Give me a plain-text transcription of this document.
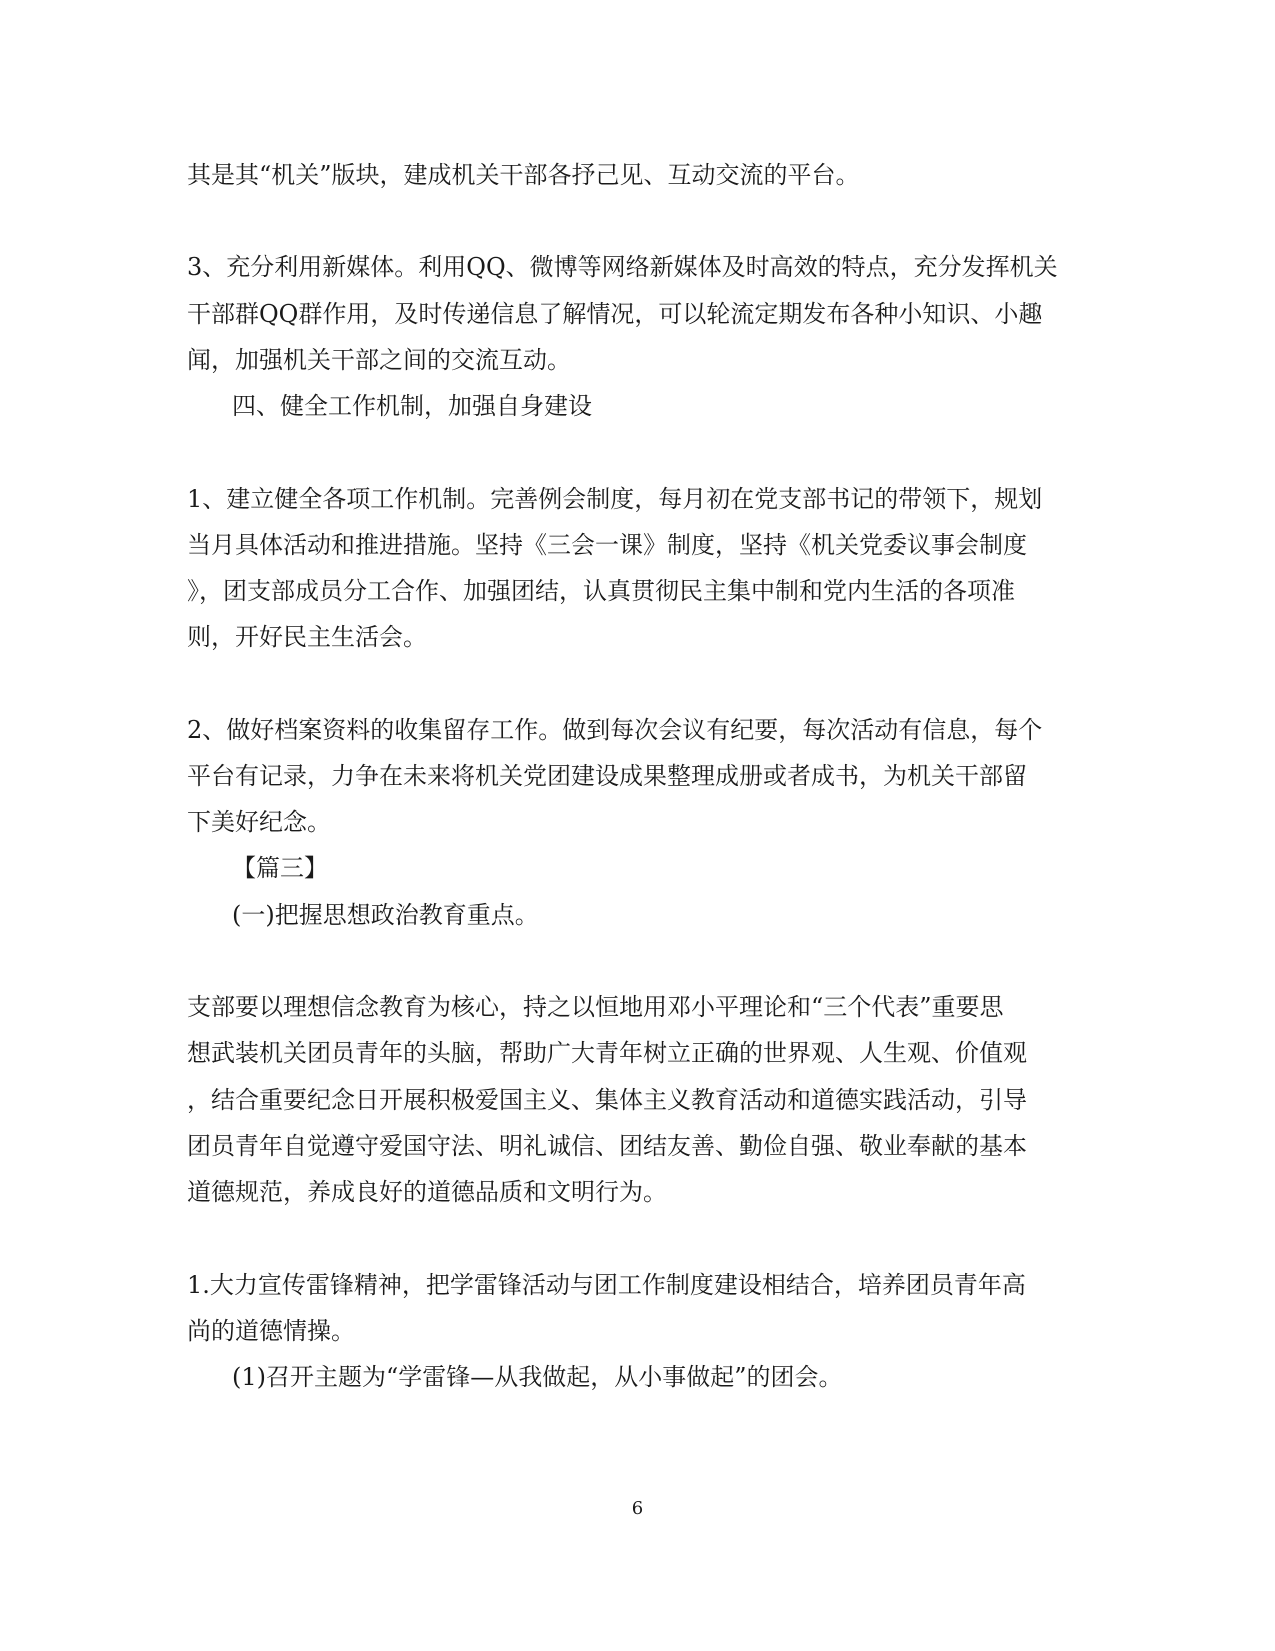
其是其“机关”版块，建成机关干部各抒己见、互动交流的平台。
3、充分利用新媒体。利用QQ、微博等网络新媒体及时高效的特点，充分发挥机关
干部群QQ群作用，及时传递信息了解情况，可以轮流定期发布各种小知识、小趣
闻，加强机关干部之间的交流互动。
四、健全工作机制，加强自身建设
1、建立健全各项工作机制。完善例会制度，每月初在党支部书记的带领下，规划
当月具体活动和推进措施。坚持《三会一课》制度，坚持《机关党委议事会制度
》，团支部成员分工合作、加强团结，认真贯彻民主集中制和党内生活的各项准
则，开好民主生活会。
2、做好档案资料的收集留存工作。做到每次会议有纪要，每次活动有信息，每个
平台有记录，力争在未来将机关党团建设成果整理成册或者成书，为机关干部留
下美好纪念。
【篇三】
(一)把握思想政治教育重点。
支部要以理想信念教育为核心，持之以恒地用邓小平理论和“三个代表”重要思
想武装机关团员青年的头脑，帮助广大青年树立正确的世界观、人生观、价值观
，结合重要纪念日开展积极爱国主义、集体主义教育活动和道德实践活动，引导
团员青年自觉遵守爱国守法、明礼诚信、团结友善、勤俭自强、敬业奉献的基本
道德规范，养成良好的道德品质和文明行为。
1.大力宣传雷锋精神，把学雷锋活动与团工作制度建设相结合，培养团员青年高
尚的道德情操。
(1)召开主题为“学雷锋—从我做起，从小事做起”的团会。
6
